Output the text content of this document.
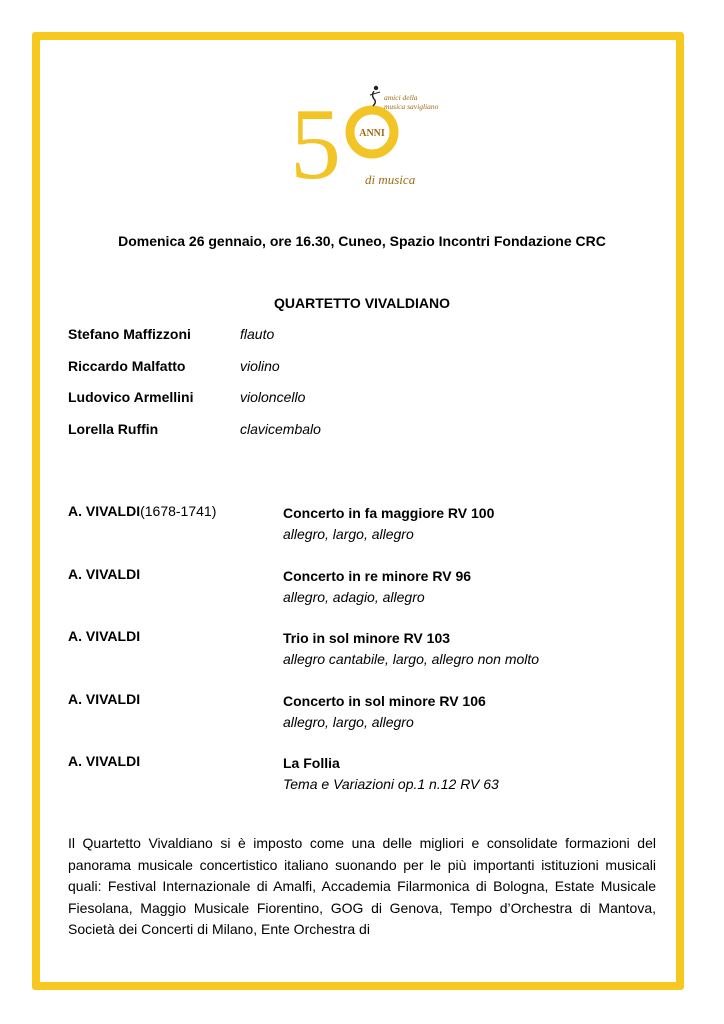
5 ANNI
amici della
musica savigliano
di musica
Domenica 26 gennaio, ore 16.30, Cuneo, Spazio Incontri Fondazione CRC
QUARTETTO VIVALDIANO
Stefano Maffizzoni	flauto
Riccardo Malfatto	violino
Ludovico Armellini	violoncello
Lorella Ruffin	clavicembalo
A. VIVALDI(1678-1741)	Concerto in fa maggiore RV 100
allegro, largo, allegro
A. VIVALDI	Concerto in re minore RV 96
allegro, adagio, allegro
A. VIVALDI	Trio in sol minore RV 103
allegro cantabile, largo, allegro non molto
A. VIVALDI	Concerto in sol minore RV 106
allegro, largo, allegro
A. VIVALDI	La Follia
Tema e Variazioni op.1 n.12 RV 63
Il Quartetto Vivaldiano si è imposto come una delle migliori e consolidate formazioni del panorama musicale concertistico italiano suonando per le più importanti istituzioni musicali quali: Festival Internazionale di Amalfi, Accademia Filarmonica di Bologna, Estate Musicale Fiesolana, Maggio Musicale Fiorentino, GOG di Genova, Tempo d’Orchestra di Mantova, Società dei Concerti di Milano, Ente Orchestra di
